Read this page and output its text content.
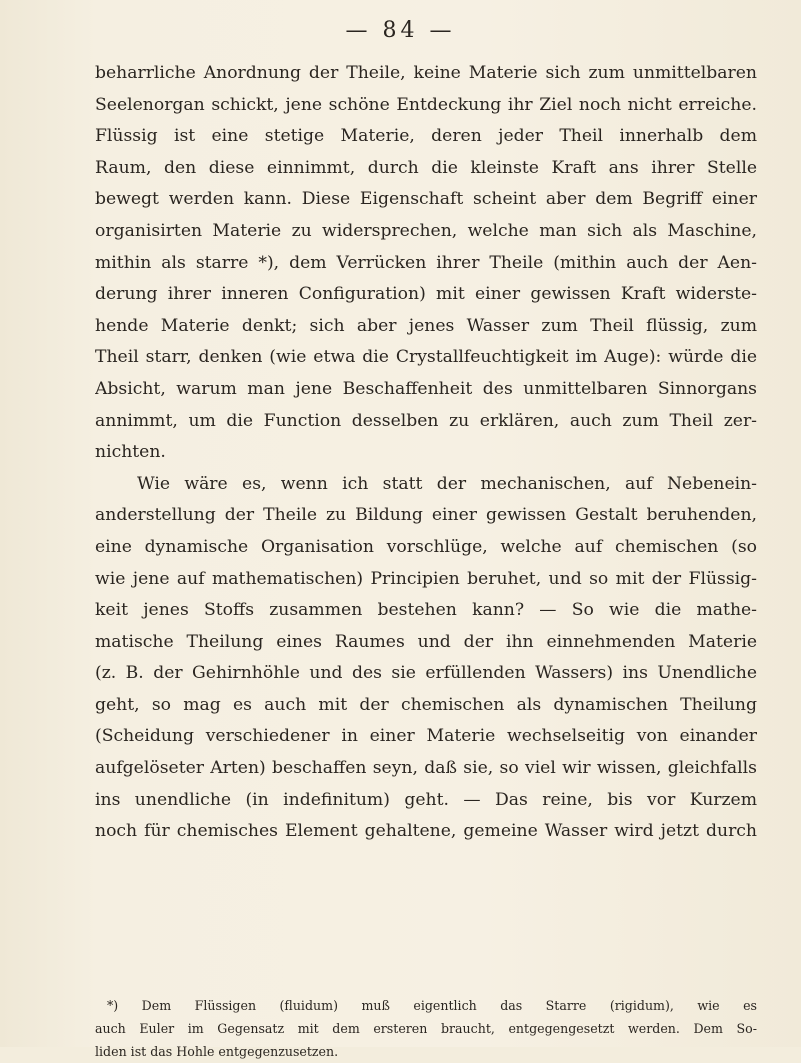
— 84 —
beharrliche Anordnung der Theile, keine Materie sich zum unmittelbaren
Seelenorgan schickt, jene schöne Entdeckung ihr Ziel noch nicht erreiche.
Flüssig ist eine stetige Materie, deren jeder Theil innerhalb dem
Raum, den diese einnimmt, durch die kleinste Kraft ans ihrer Stelle
bewegt werden kann. Diese Eigenschaft scheint aber dem Begriff einer
organisirten Materie zu widersprechen, welche man sich als Maschine,
mithin als starre *), dem Verrücken ihrer Theile (mithin auch der Aen-
derung ihrer inneren Configuration) mit einer gewissen Kraft widerste-
hende Materie denkt; sich aber jenes Wasser zum Theil flüssig, zum
Theil starr, denken (wie etwa die Crystallfeuchtigkeit im Auge): würde die
Absicht, warum man jene Beschaffenheit des unmittelbaren Sinnorgans
annimmt, um die Function desselben zu erklären, auch zum Theil zer-
nichten.
Wie wäre es, wenn ich statt der mechanischen, auf Nebenein-
anderstellung der Theile zu Bildung einer gewissen Gestalt beruhenden,
eine dynamische Organisation vorschlüge, welche auf chemischen (so
wie jene auf mathematischen) Principien beruhet, und so mit der Flüssig-
keit jenes Stoffs zusammen bestehen kann? — So wie die mathe-
matische Theilung eines Raumes und der ihn einnehmenden Materie
(z. B. der Gehirnhöhle und des sie erfüllenden Wassers) ins Unendliche
geht, so mag es auch mit der chemischen als dynamischen Theilung
(Scheidung verschiedener in einer Materie wechselseitig von einander
aufgelöseter Arten) beschaffen seyn, daß sie, so viel wir wissen, gleichfalls
ins unendliche (in indefinitum) geht. — Das reine, bis vor Kurzem
noch für chemisches Element gehaltene, gemeine Wasser wird jetzt durch
*) Dem Flüssigen (fluidum) muß eigentlich das Starre (rigidum), wie es
auch Euler im Gegensatz mit dem ersteren braucht, entgegengesetzt werden. Dem So-
liden ist das Hohle entgegenzusetzen.
